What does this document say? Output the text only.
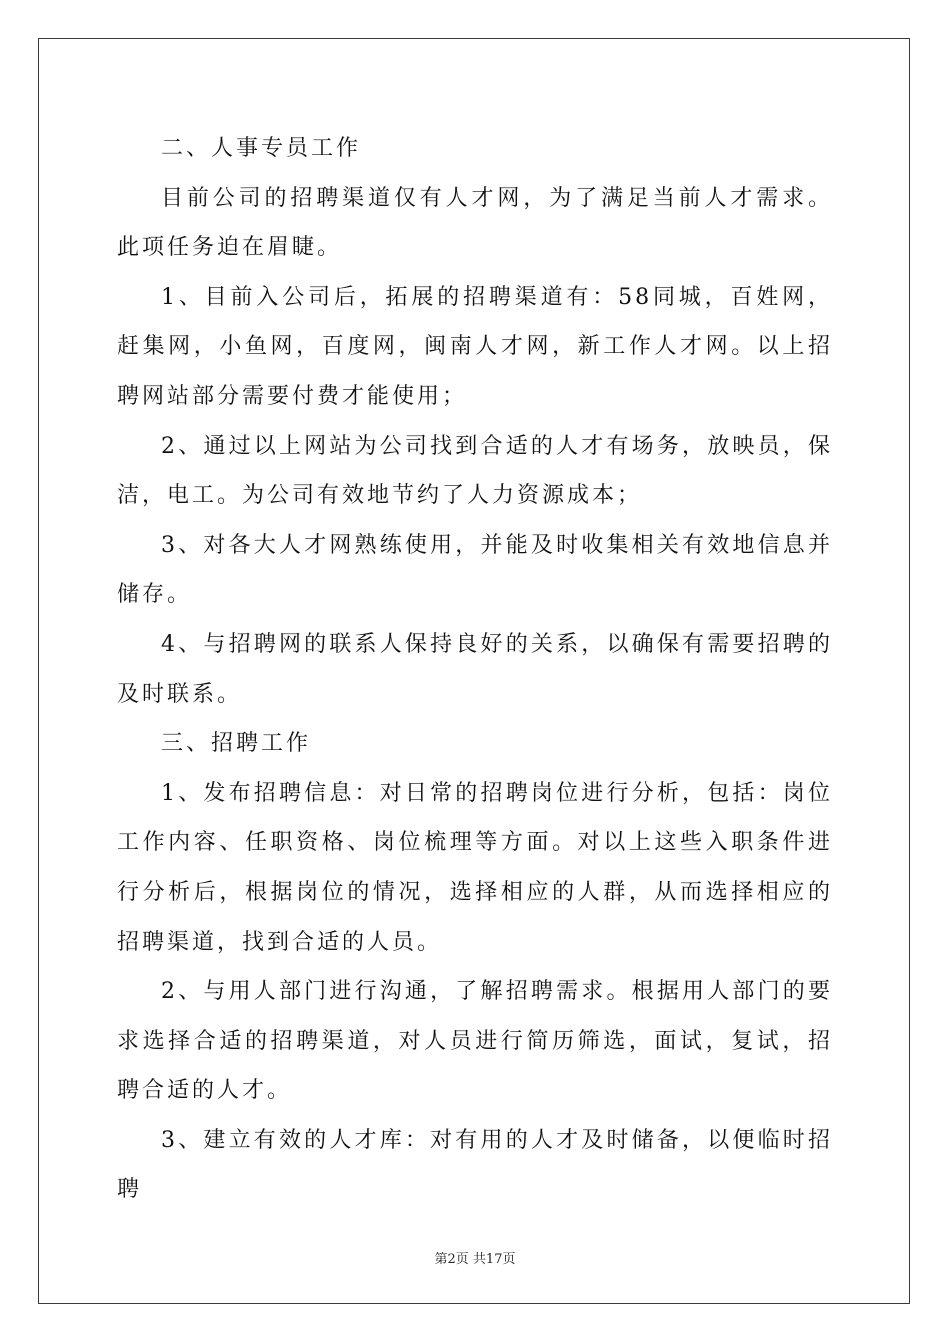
二、人事专员工作

目前公司的招聘渠道仅有人才网，为了满足当前人才需求。此项任务迫在眉睫。

1、目前入公司后，拓展的招聘渠道有：58同城，百姓网，赶集网，小鱼网，百度网，闽南人才网，新工作人才网。以上招聘网站部分需要付费才能使用；

2、通过以上网站为公司找到合适的人才有场务，放映员，保洁，电工。为公司有效地节约了人力资源成本；

3、对各大人才网熟练使用，并能及时收集相关有效地信息并储存。

4、与招聘网的联系人保持良好的关系，以确保有需要招聘的及时联系。

三、招聘工作

1、发布招聘信息：对日常的招聘岗位进行分析，包括：岗位工作内容、任职资格、岗位梳理等方面。对以上这些入职条件进行分析后，根据岗位的情况，选择相应的人群，从而选择相应的招聘渠道，找到合适的人员。

2、与用人部门进行沟通，了解招聘需求。根据用人部门的要求选择合适的招聘渠道，对人员进行简历筛选，面试，复试，招聘合适的人才。

3、建立有效的人才库：对有用的人才及时储备，以便临时招聘

第2页 共17页
